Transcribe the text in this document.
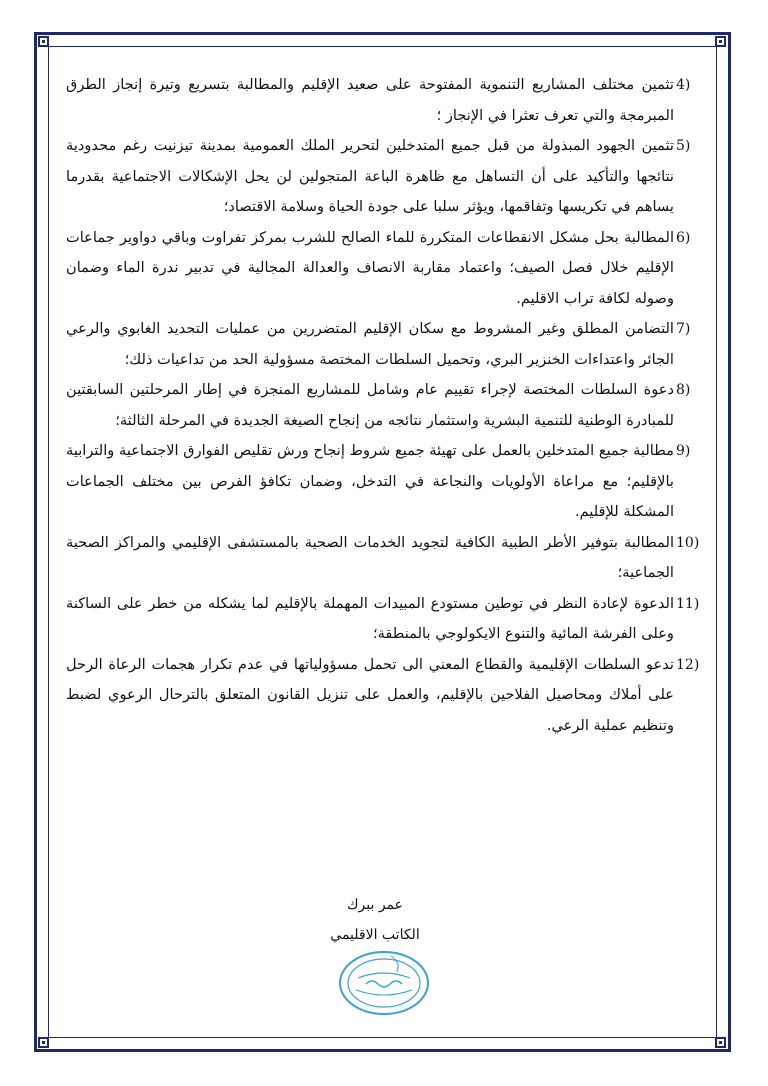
4)
تثمين مختلف المشاريع التنموية المفتوحة على صعيد الإقليم والمطالبة بتسريع وتيرة إنجاز الطرق المبرمجة والتي تعرف تعثرا في الإنجاز ؛

5)
تثمين الجهود المبذولة من قبل جميع المتدخلين لتحرير الملك العمومية بمدينة تيزنيت رغم محدودية نتائجها والتأكيد على أن التساهل مع ظاهرة الباعة المتجولين لن يحل الإشكالات الاجتماعية بقدرما يساهم في تكريسها وتفاقمها، ويؤثر سلبا على جودة الحياة وسلامة الاقتصاد؛

6)
المطالبة بحل مشكل الانقطاعات المتكررة للماء الصالح للشرب بمركز تفراوت وباقي دواوير جماعات الإقليم خلال فصل الصيف؛ واعتماد مقاربة الانصاف والعدالة المجالية في تدبير ندرة الماء وضمان وصوله لكافة تراب الاقليم.

7)
التضامن المطلق وغير المشروط مع سكان الإقليم المتضررين من عمليات التحديد الغابوي والرعي الجائر واعتداءات الخنزير البري، وتحميل السلطات المختصة مسؤولية الحد من تداعيات ذلك؛

8)
دعوة السلطات المختصة لإجراء تقييم عام وشامل للمشاريع المنجزة في إطار المرحلتين السابقتين للمبادرة الوطنية للتنمية البشرية واستثمار نتائجه من إنجاح الصيغة الجديدة في المرحلة الثالثة؛

9)
مطالبة جميع المتدخلين بالعمل على تهيئة جميع شروط إنجاح ورش تقليص الفوارق الاجتماعية والترابية بالإقليم؛ مع مراعاة الأولويات والنجاعة في التدخل، وضمان تكافؤ الفرص بين مختلف الجماعات المشكلة للإقليم.

10)
المطالبة بتوفير الأطر الطبية الكافية لتجويد الخدمات الصحية بالمستشفى الإقليمي والمراكز الصحية الجماعية؛

11)
الدعوة لإعادة النظر في توطين مستودع المبيدات المهملة بالإقليم لما يشكله من خطر على الساكنة وعلى الفرشة المائية والتنوع الايكولوجي بالمنطقة؛

12)
تدعو السلطات الإقليمية والقطاع المعني الى تحمل مسؤولياتها في عدم تكرار هجمات الرعاة الرحل على أملاك ومحاصيل الفلاحين بالإقليم، والعمل على تنزيل القانون المتعلق بالترحال الرعوي لضبط وتنظيم عملية الرعي.

عمر ببرك
الكاتب الاقليمي
